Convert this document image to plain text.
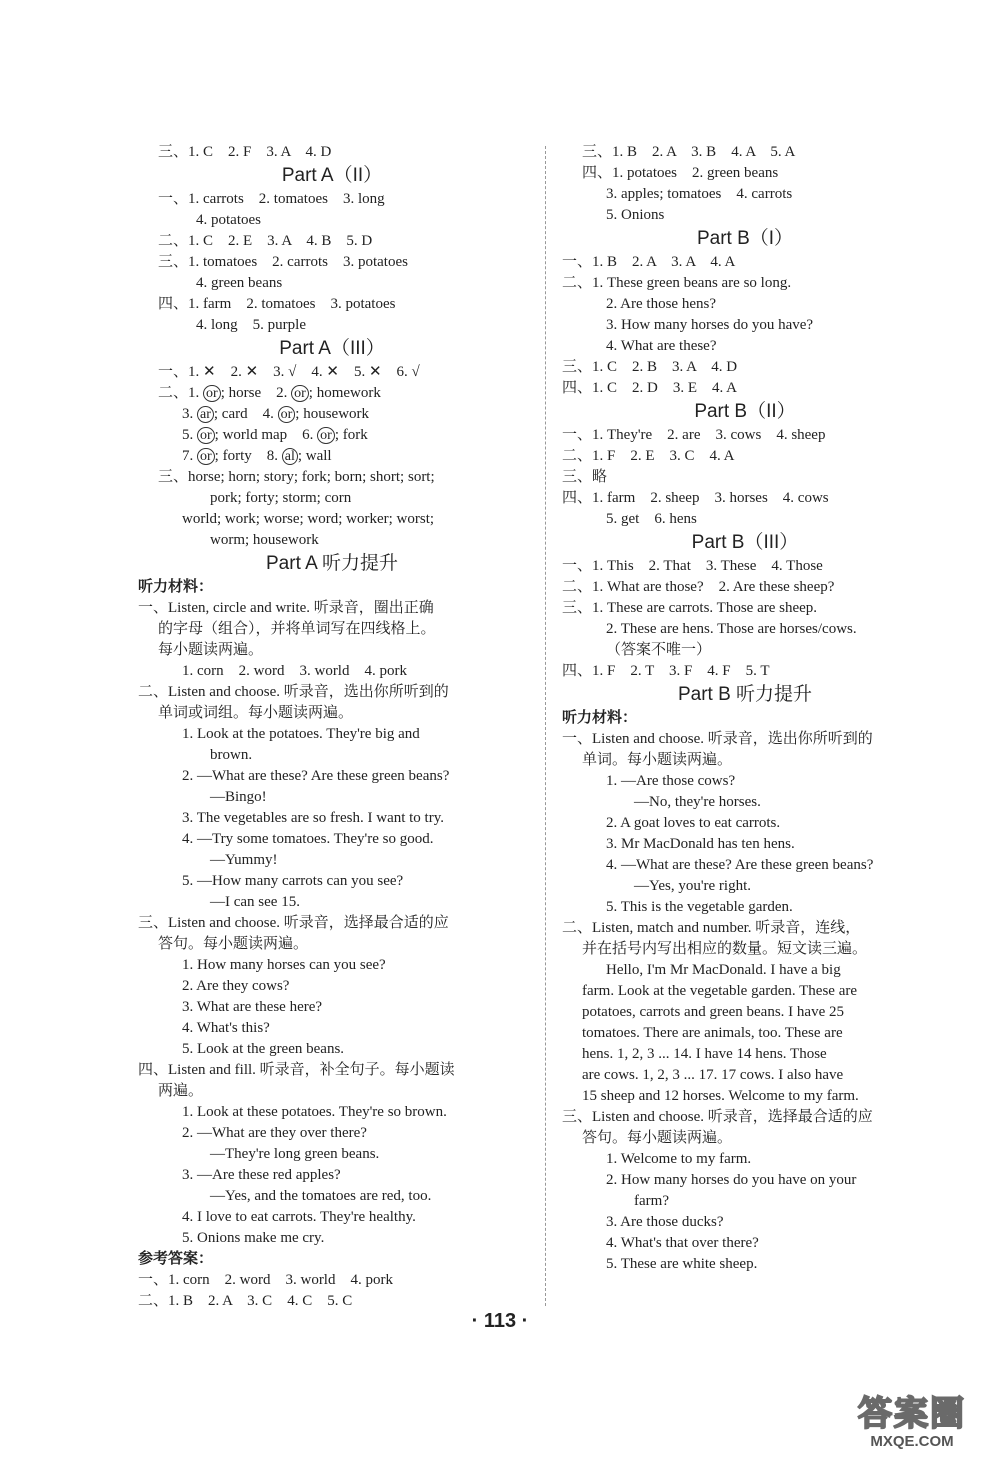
三、1. C　2. F　3. A　4. D
Part A（II）
一、1. carrots　2. tomatoes　3. long
4. potatoes
二、1. C　2. E　3. A　4. B　5. D
三、1. tomatoes　2. carrots　3. potatoes
4. green beans
四、1. farm　2. tomatoes　3. potatoes
4. long　5. purple
Part A（III）
一、1. ✕　2. ✕　3. √　4. ✕　5. ✕　6. √
二、1. or ; horse　2. or ; homework
3. ar ; card　4. or ; housework
5. or ; world map　6. or ; fork
7. or ; forty　8. al ; wall
三、horse; horn; story; fork; born; short; sort;
pork; forty; storm; corn
world; work; worse; word; worker; worst;
worm; housework
Part A 听力提升
听力材料：
一、Listen, circle and write. 听录音，圈出正确
的字母（组合），并将单词写在四线格上。
每小题读两遍。
1. corn　2. word　3. world　4. pork
二、Listen and choose. 听录音，选出你所听到的
单词或词组。每小题读两遍。
1. Look at the potatoes. They're big and
brown.
2. —What are these? Are these green beans?
—Bingo!
3. The vegetables are so fresh. I want to try.
4. —Try some tomatoes. They're so good.
—Yummy!
5. —How many carrots can you see?
—I can see 15.
三、Listen and choose. 听录音，选择最合适的应
答句。每小题读两遍。
1. How many horses can you see?
2. Are they cows?
3. What are these here?
4. What's this?
5. Look at the green beans.
四、Listen and fill. 听录音，补全句子。每小题读
两遍。
1. Look at these potatoes. They're so brown.
2. —What are they over there?
—They're long green beans.
3. —Are these red apples?
—Yes, and the tomatoes are red, too.
4. I love to eat carrots. They're healthy.
5. Onions make me cry.
参考答案：
一、1. corn　2. word　3. world　4. pork
二、1. B　2. A　3. C　4. C　5. C
三、1. B　2. A　3. B　4. A　5. A
四、1. potatoes　2. green beans
3. apples; tomatoes　4. carrots
5. Onions
Part B（I）
一、1. B　2. A　3. A　4. A
二、1. These green beans are so long.
2. Are those hens?
3. How many horses do you have?
4. What are these?
三、1. C　2. B　3. A　4. D
四、1. C　2. D　3. E　4. A
Part B（II）
一、1. They're　2. are　3. cows　4. sheep
二、1. F　2. E　3. C　4. A
三、略
四、1. farm　2. sheep　3. horses　4. cows
5. get　6. hens
Part B（III）
一、1. This　2. That　3. These　4. Those
二、1. What are those?　2. Are these sheep?
三、1. These are carrots. Those are sheep.
2. These are hens. Those are horses/cows.
（答案不唯一）
四、1. F　2. T　3. F　4. F　5. T
Part B 听力提升
听力材料：
一、Listen and choose. 听录音，选出你所听到的
单词。每小题读两遍。
1. —Are those cows?
—No, they're horses.
2. A goat loves to eat carrots.
3. Mr MacDonald has ten hens.
4. —What are these? Are these green beans?
—Yes, you're right.
5. This is the vegetable garden.
二、Listen, match and number. 听录音，连线，
并在括号内写出相应的数量。短文读三遍。
Hello, I'm Mr MacDonald. I have a big
farm. Look at the vegetable garden. These are
potatoes, carrots and green beans. I have 25
tomatoes. There are animals, too. These are
hens. 1, 2, 3 ... 14. I have 14 hens. Those
are cows. 1, 2, 3 ... 17. 17 cows. I also have
15 sheep and 12 horses. Welcome to my farm.
三、Listen and choose. 听录音，选择最合适的应
答句。每小题读两遍。
1. Welcome to my farm.
2. How many horses do you have on your
farm?
3. Are those ducks?
4. What's that over there?
5. These are white sheep.
· 113 ·
答案圈
MXQE.COM
